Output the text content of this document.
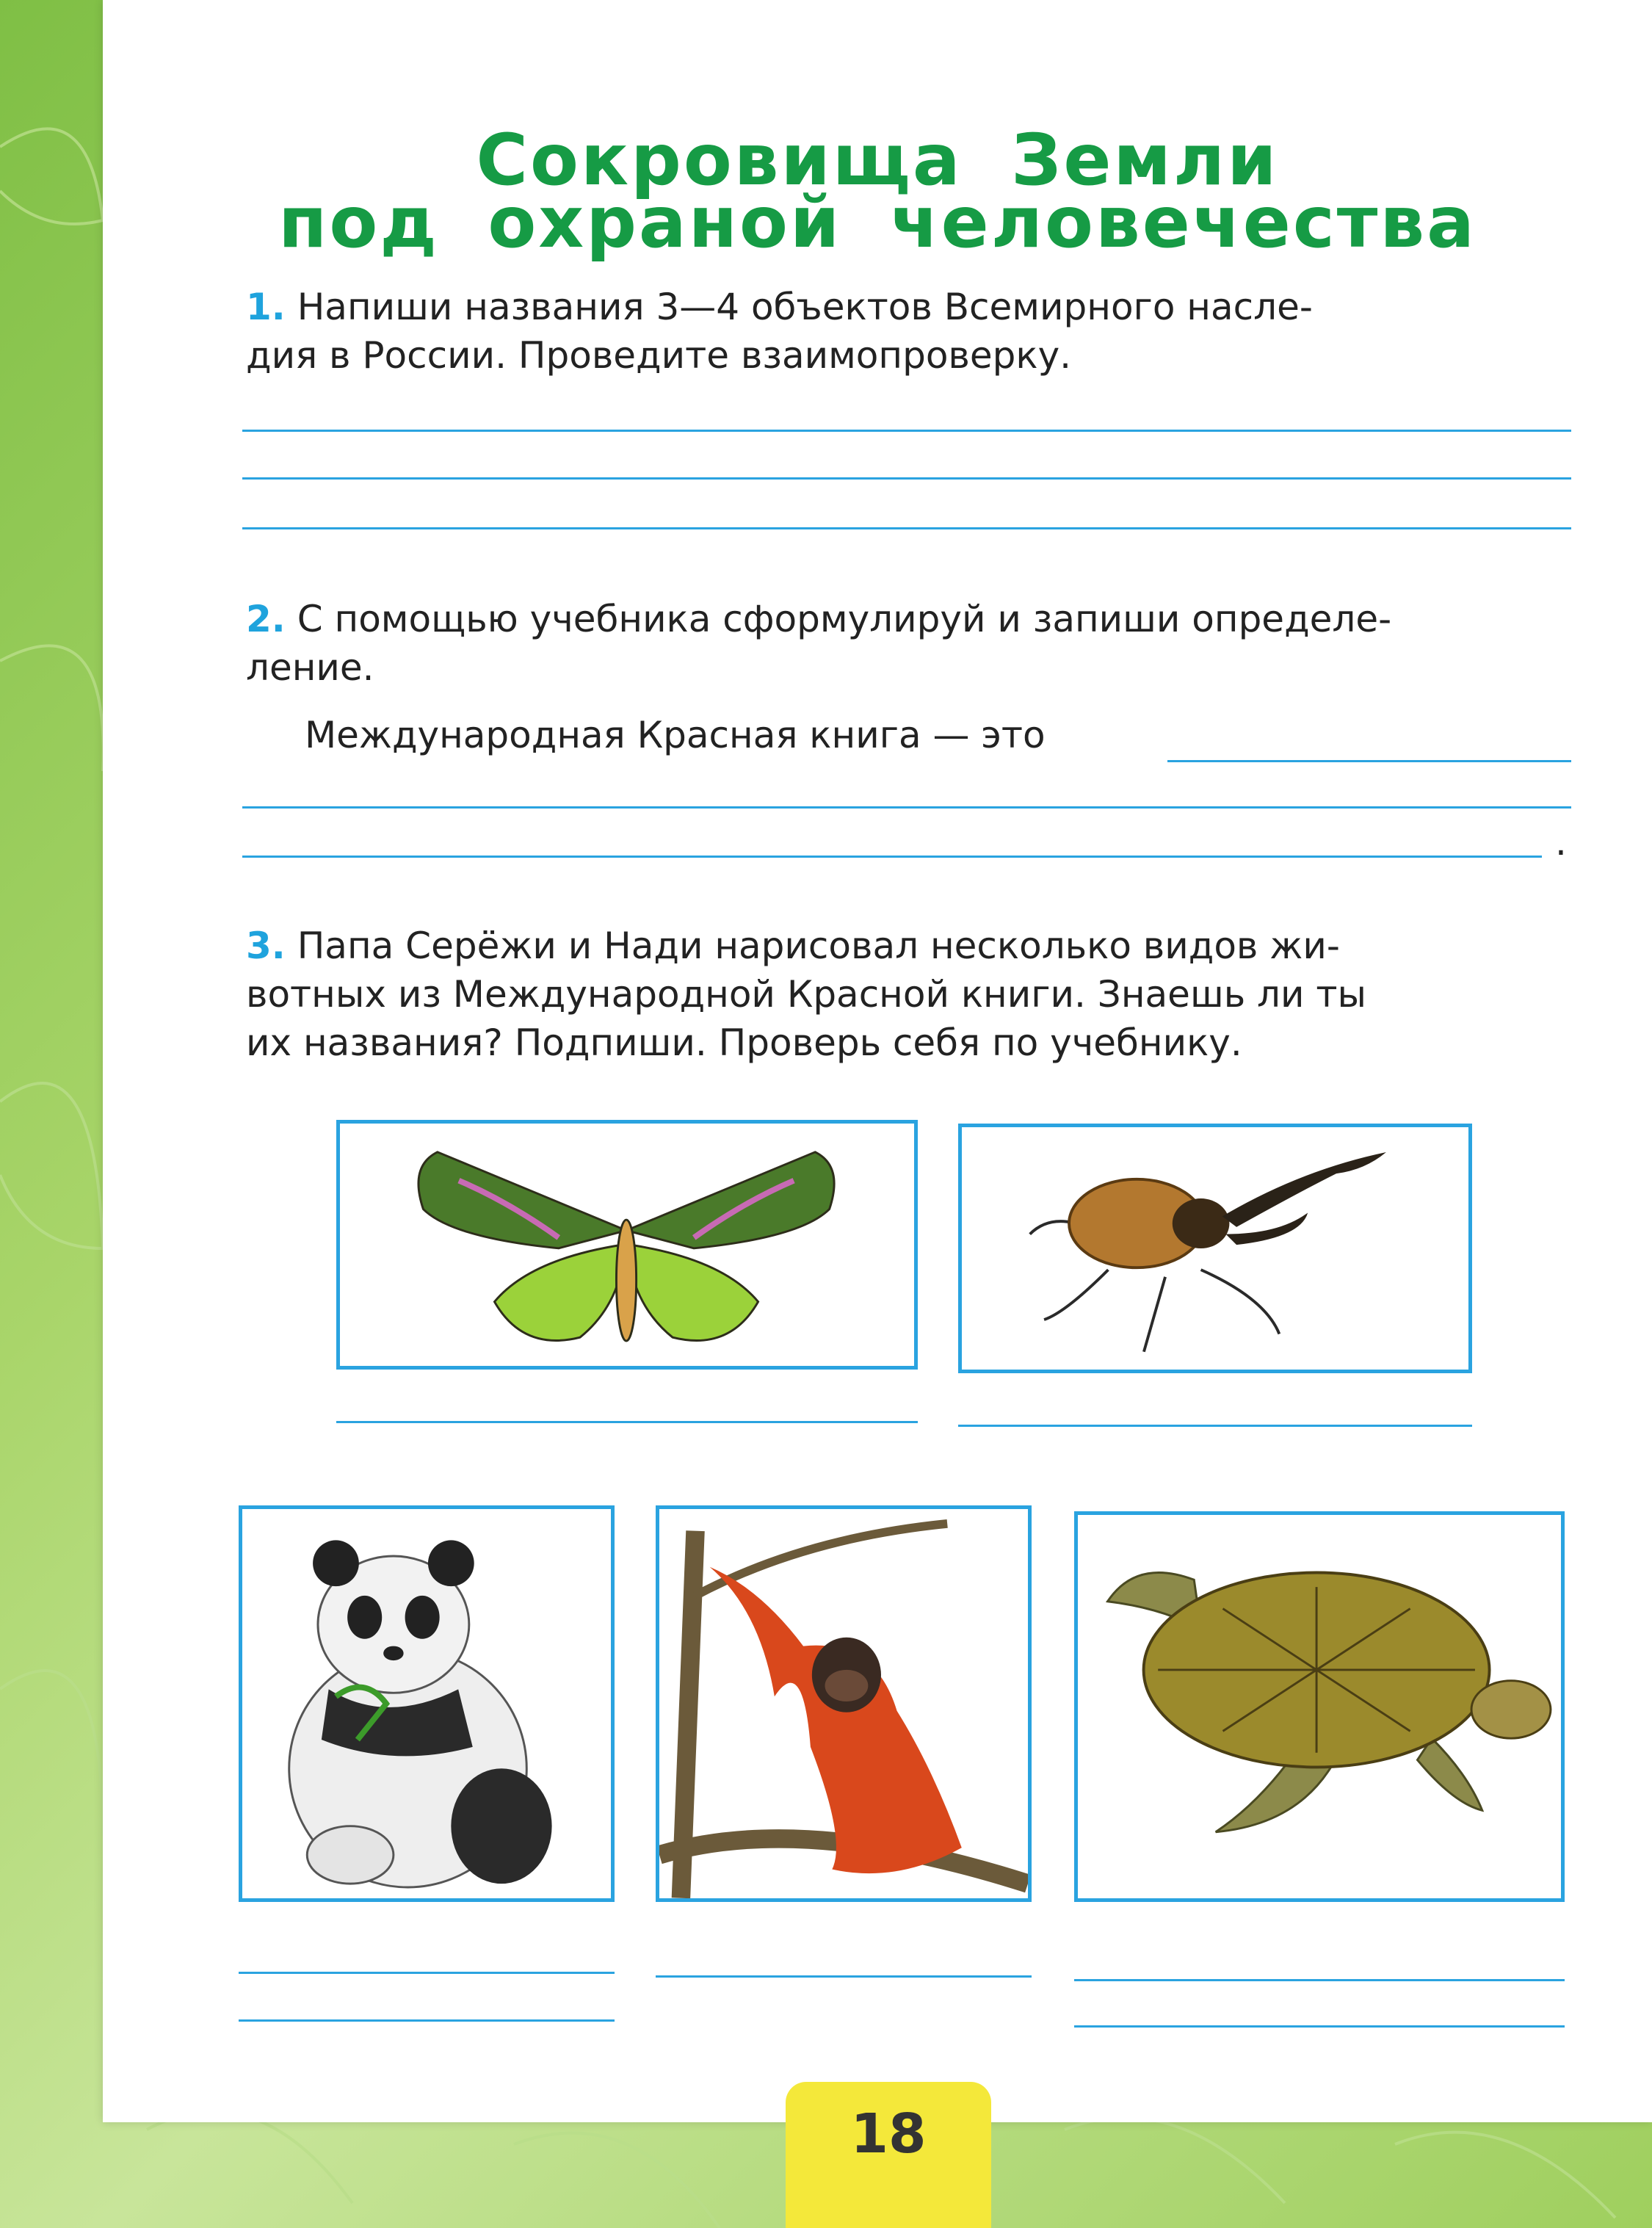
Сокровища Земли
под охраной человечества
1. Напиши названия 3—4 объектов Всемирного насле-
дия в России. Проведите взаимопроверку.
2. С помощью учебника сформулируй и запиши определе-
ление.
Международная Красная книга — это
.
3. Папа Серёжи и Нади нарисовал несколько видов жи-
вотных из Международной Красной книги. Знаешь ли ты
их названия? Подпиши. Проверь себя по учебнику.
18
